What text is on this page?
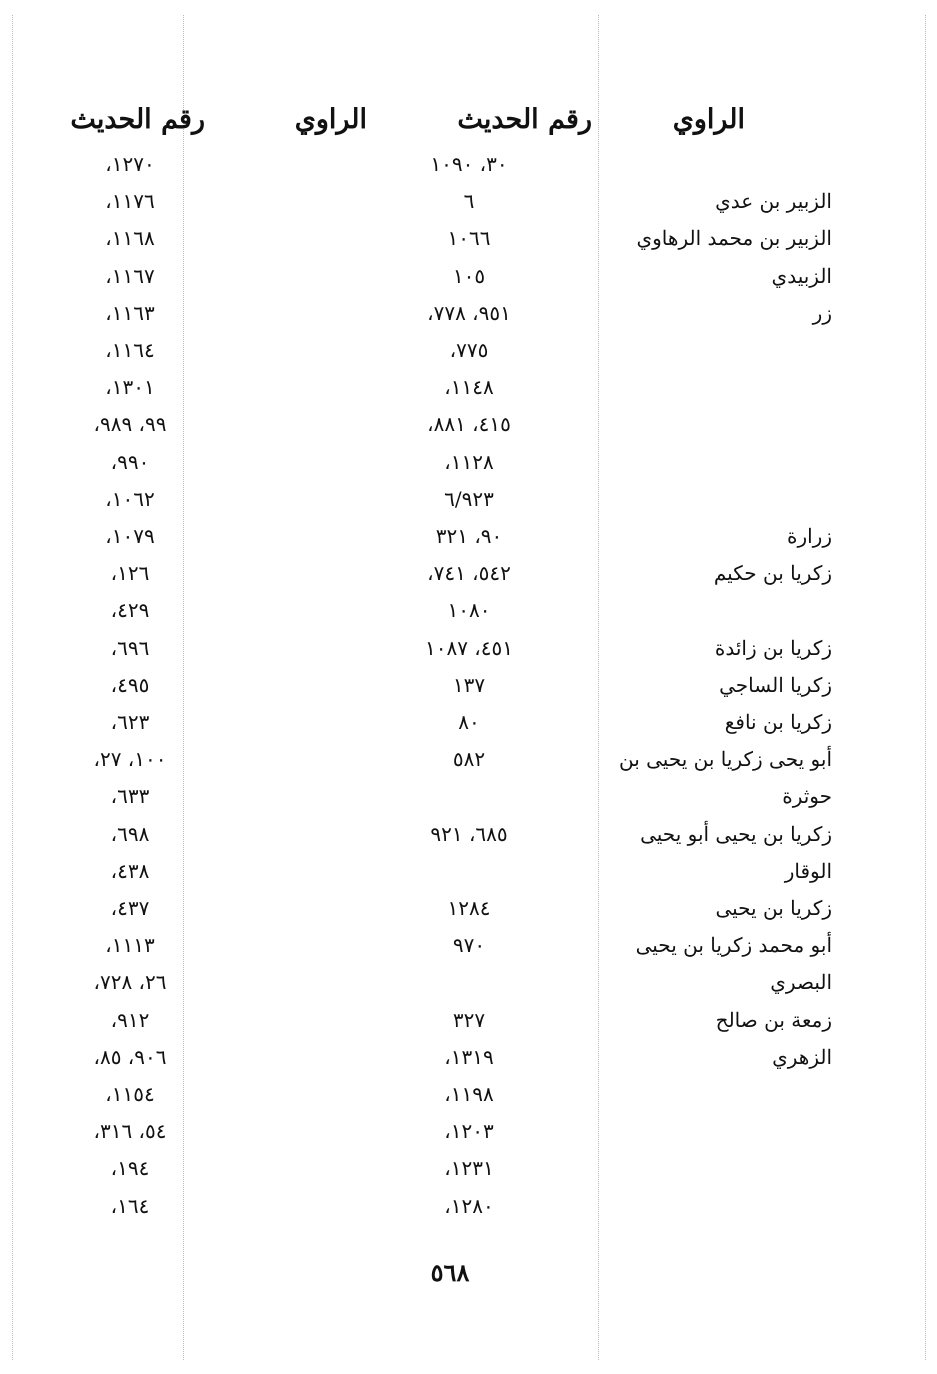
الراوي
رقم الحديث
الراوي
رقم الحديث
٣٠، ١٠٩٠
١٢٧٠،
الزبير بن عدي
٦
١١٧٦،
الزبير بن محمد الرهاوي
١٠٦٦
١١٦٨،
الزبيدي
١٠٥
١١٦٧،
زر
٩٥١، ٧٧٨،
١١٦٣،
٧٧٥،
١١٦٤،
١١٤٨،
١٣٠١،
٤١٥، ٨٨١،
٩٩، ٩٨٩،
١١٢٨،
٩٩٠،
٦/٩٢٣
١٠٦٢،
زرارة
٩٠، ٣٢١
١٠٧٩،
زكريا بن حكيم
٥٤٢، ٧٤١،
١٢٦،
١٠٨٠
٤٢٩،
زكريا بن زائدة
٤٥١، ١٠٨٧
٦٩٦،
زكريا الساجي
١٣٧
٤٩٥،
زكريا بن نافع
٨٠
٦٢٣،
أبو يحى زكريا بن يحيى بن
٥٨٢
١٠٠، ٢٧،
حوثرة
٦٣٣،
زكريا بن يحيى أبو يحيى
٦٨٥، ٩٢١
٦٩٨،
الوقار
٤٣٨،
زكريا بن يحيى
١٢٨٤
٤٣٧،
أبو محمد زكريا بن يحيى
٩٧٠
١١١٣،
البصري
٢٦، ٧٢٨،
زمعة بن صالح
٣٢٧
٩١٢،
الزهري
١٣١٩،
٩٠٦، ٨٥،
١١٩٨،
١١٥٤،
١٢٠٣،
٥٤، ٣١٦،
١٢٣١،
١٩٤،
١٢٨٠،
١٦٤،
٥٦٨
